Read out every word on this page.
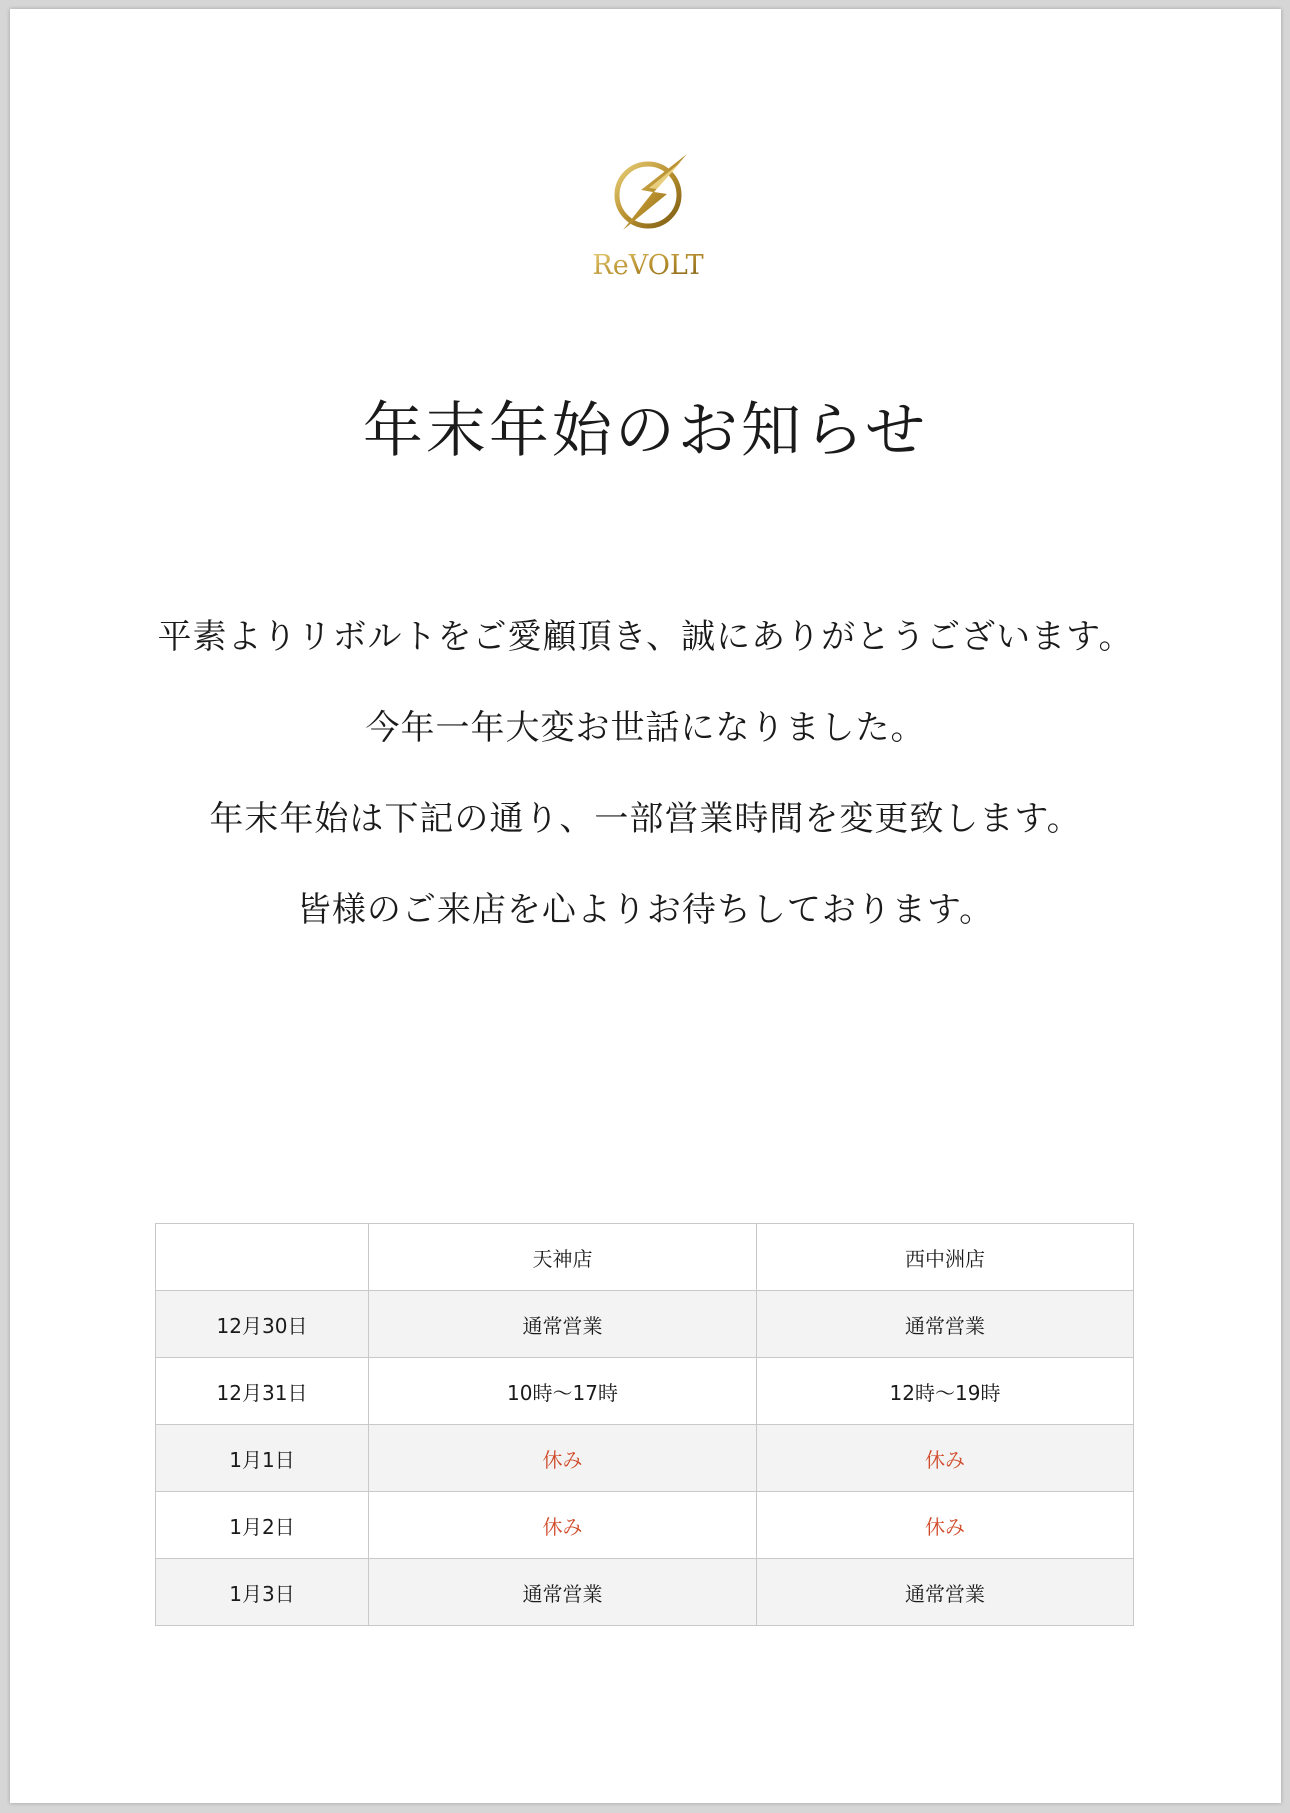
ReVOLT
年末年始のお知らせ

平素よりリボルトをご愛顧頂き、誠にありがとうございます。

今年一年大変お世話になりました。

年末年始は下記の通り、一部営業時間を変更致します。

皆様のご来店を心よりお待ちしております。

	天神店	西中洲店
12月30日	通常営業	通常営業
12月31日	10時〜17時	12時〜19時
1月1日	休み	休み
1月2日	休み	休み
1月3日	通常営業	通常営業
